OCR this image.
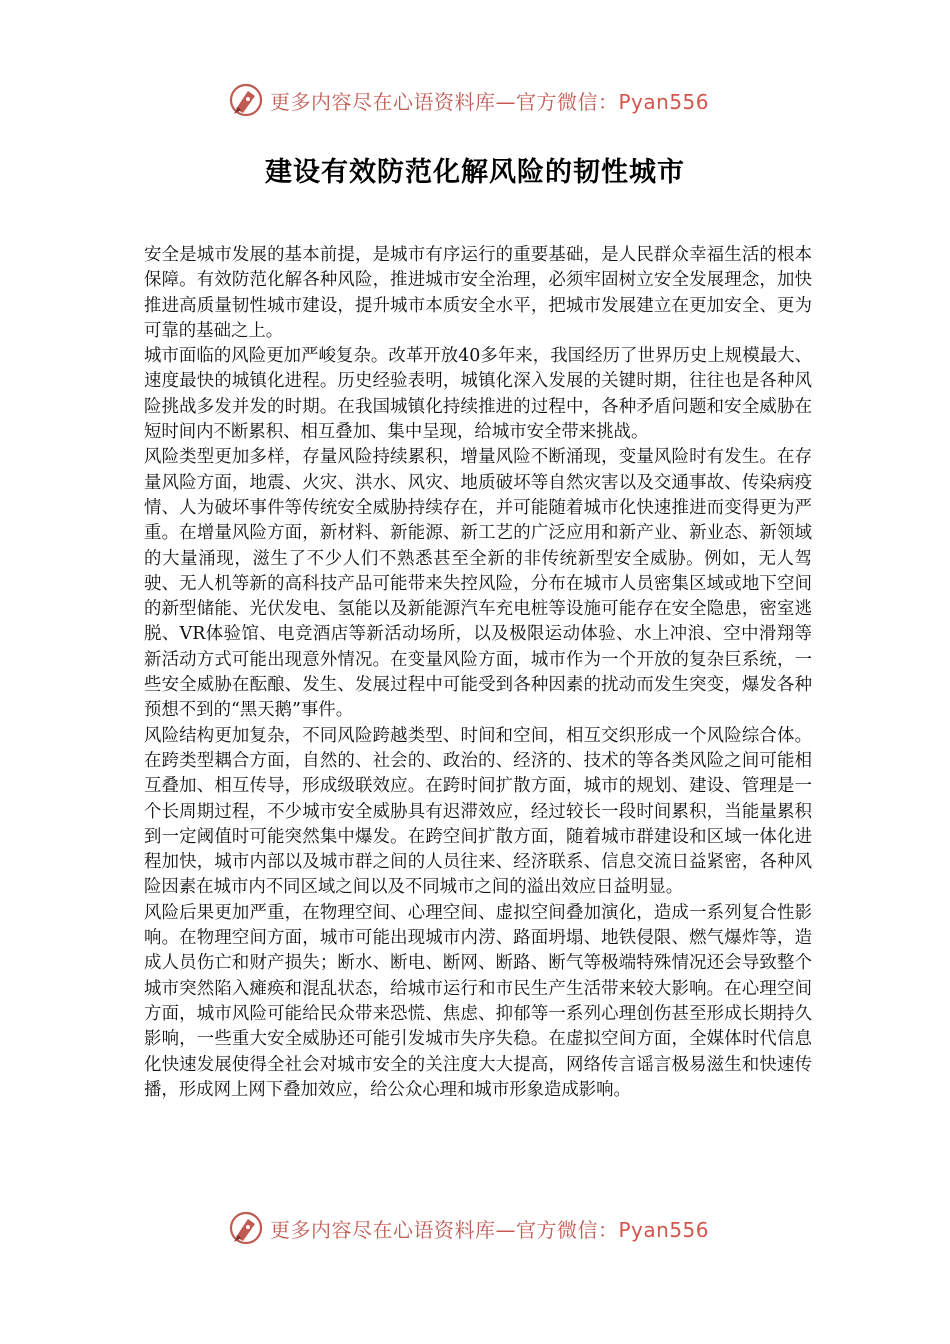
更多内容尽在心语资料库—官方微信：Pyan556
建设有效防范化解风险的韧性城市

安全是城市发展的基本前提，是城市有序运行的重要基础，是人民群众幸福生活的根本保障。有效防范化解各种风险，推进城市安全治理，必须牢固树立安全发展理念，加快推进高质量韧性城市建设，提升城市本质安全水平，把城市发展建立在更加安全、更为可靠的基础之上。

城市面临的风险更加严峻复杂。改革开放40多年来，我国经历了世界历史上规模最大、速度最快的城镇化进程。历史经验表明，城镇化深入发展的关键时期，往往也是各种风险挑战多发并发的时期。在我国城镇化持续推进的过程中，各种矛盾问题和安全威胁在短时间内不断累积、相互叠加、集中呈现，给城市安全带来挑战。

风险类型更加多样，存量风险持续累积，增量风险不断涌现，变量风险时有发生。在存量风险方面，地震、火灾、洪水、风灾、地质破坏等自然灾害以及交通事故、传染病疫情、人为破坏事件等传统安全威胁持续存在，并可能随着城市化快速推进而变得更为严重。在增量风险方面，新材料、新能源、新工艺的广泛应用和新产业、新业态、新领域的大量涌现，滋生了不少人们不熟悉甚至全新的非传统新型安全威胁。例如，无人驾驶、无人机等新的高科技产品可能带来失控风险，分布在城市人员密集区域或地下空间的新型储能、光伏发电、氢能以及新能源汽车充电桩等设施可能存在安全隐患，密室逃脱、VR体验馆、电竞酒店等新活动场所，以及极限运动体验、水上冲浪、空中滑翔等新活动方式可能出现意外情况。在变量风险方面，城市作为一个开放的复杂巨系统，一些安全威胁在酝酿、发生、发展过程中可能受到各种因素的扰动而发生突变，爆发各种预想不到的“黑天鹅”事件。

风险结构更加复杂，不同风险跨越类型、时间和空间，相互交织形成一个风险综合体。在跨类型耦合方面，自然的、社会的、政治的、经济的、技术的等各类风险之间可能相互叠加、相互传导，形成级联效应。在跨时间扩散方面，城市的规划、建设、管理是一个长周期过程，不少城市安全威胁具有迟滞效应，经过较长一段时间累积，当能量累积到一定阈值时可能突然集中爆发。在跨空间扩散方面，随着城市群建设和区域一体化进程加快，城市内部以及城市群之间的人员往来、经济联系、信息交流日益紧密，各种风险因素在城市内不同区域之间以及不同城市之间的溢出效应日益明显。

风险后果更加严重，在物理空间、心理空间、虚拟空间叠加演化，造成一系列复合性影响。在物理空间方面，城市可能出现城市内涝、路面坍塌、地铁侵限、燃气爆炸等，造成人员伤亡和财产损失；断水、断电、断网、断路、断气等极端特殊情况还会导致整个城市突然陷入瘫痪和混乱状态，给城市运行和市民生产生活带来较大影响。在心理空间方面，城市风险可能给民众带来恐慌、焦虑、抑郁等一系列心理创伤甚至形成长期持久影响，一些重大安全威胁还可能引发城市失序失稳。在虚拟空间方面，全媒体时代信息化快速发展使得全社会对城市安全的关注度大大提高，网络传言谣言极易滋生和快速传播，形成网上网下叠加效应，给公众心理和城市形象造成影响。

更多内容尽在心语资料库—官方微信：Pyan556
